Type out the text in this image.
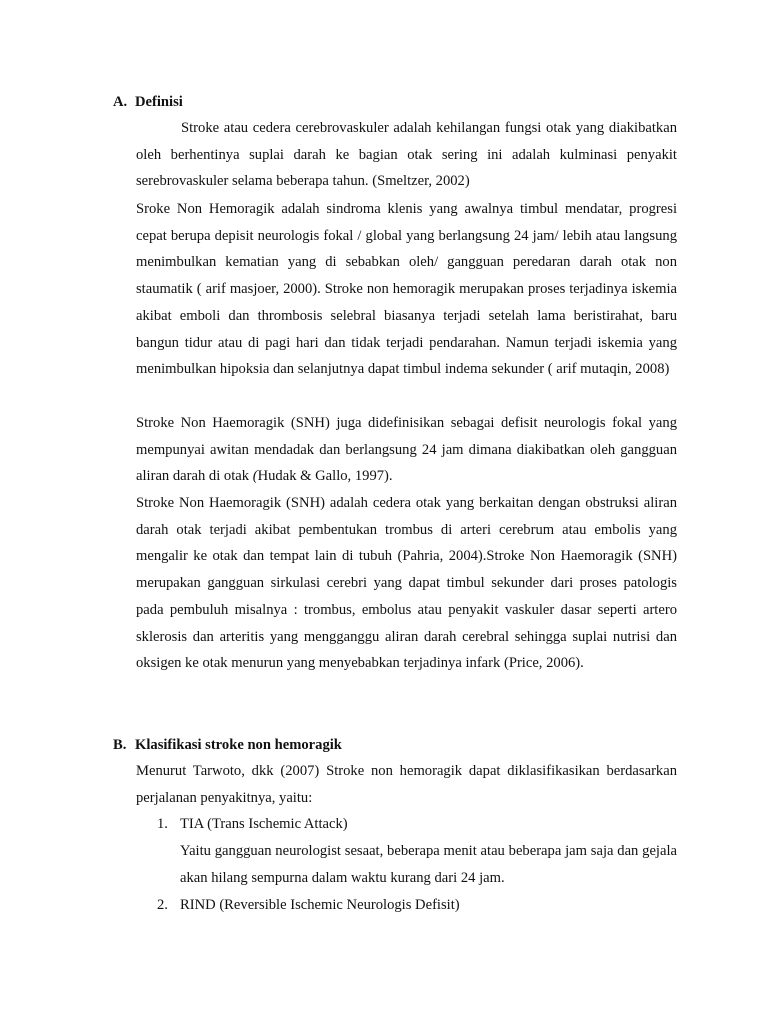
A. Definisi

Stroke atau cedera cerebrovaskuler adalah kehilangan fungsi otak yang diakibatkan oleh berhentinya suplai darah ke bagian otak sering ini adalah kulminasi penyakit serebrovaskuler selama beberapa tahun. (Smeltzer, 2002)

Sroke Non Hemoragik adalah sindroma klenis yang awalnya timbul mendatar, progresi cepat berupa depisit neurologis fokal / global yang berlangsung 24 jam/ lebih atau langsung menimbulkan kematian yang di sebabkan oleh/ gangguan peredaran darah otak non staumatik ( arif masjoer, 2000). Stroke non hemoragik merupakan proses terjadinya iskemia akibat emboli dan thrombosis selebral biasanya terjadi setelah lama beristirahat, baru bangun tidur atau di pagi hari dan tidak terjadi pendarahan. Namun terjadi iskemia yang menimbulkan hipoksia dan selanjutnya dapat timbul indema sekunder ( arif mutaqin, 2008)

Stroke Non Haemoragik (SNH) juga didefinisikan sebagai defisit neurologis fokal yang mempunyai awitan mendadak dan berlangsung 24 jam dimana diakibatkan oleh gangguan aliran darah di otak (Hudak & Gallo, 1997).

Stroke Non Haemoragik (SNH) adalah cedera otak yang berkaitan dengan obstruksi aliran darah otak terjadi akibat pembentukan trombus di arteri cerebrum atau embolis yang mengalir ke otak dan tempat lain di tubuh (Pahria, 2004).Stroke Non Haemoragik (SNH) merupakan gangguan sirkulasi cerebri yang dapat timbul sekunder dari proses patologis pada pembuluh misalnya : trombus, embolus atau penyakit vaskuler dasar seperti artero sklerosis dan arteritis yang mengganggu aliran darah cerebral sehingga suplai nutrisi dan oksigen ke otak menurun yang menyebabkan terjadinya infark (Price, 2006).

B. Klasifikasi stroke non hemoragik

Menurut Tarwoto, dkk (2007) Stroke non hemoragik dapat diklasifikasikan berdasarkan perjalanan penyakitnya, yaitu:

1. TIA (Trans Ischemic Attack)

Yaitu gangguan neurologist sesaat, beberapa menit atau beberapa jam saja dan gejala akan hilang sempurna dalam waktu kurang dari 24 jam.

2. RIND (Reversible Ischemic Neurologis Defisit)
